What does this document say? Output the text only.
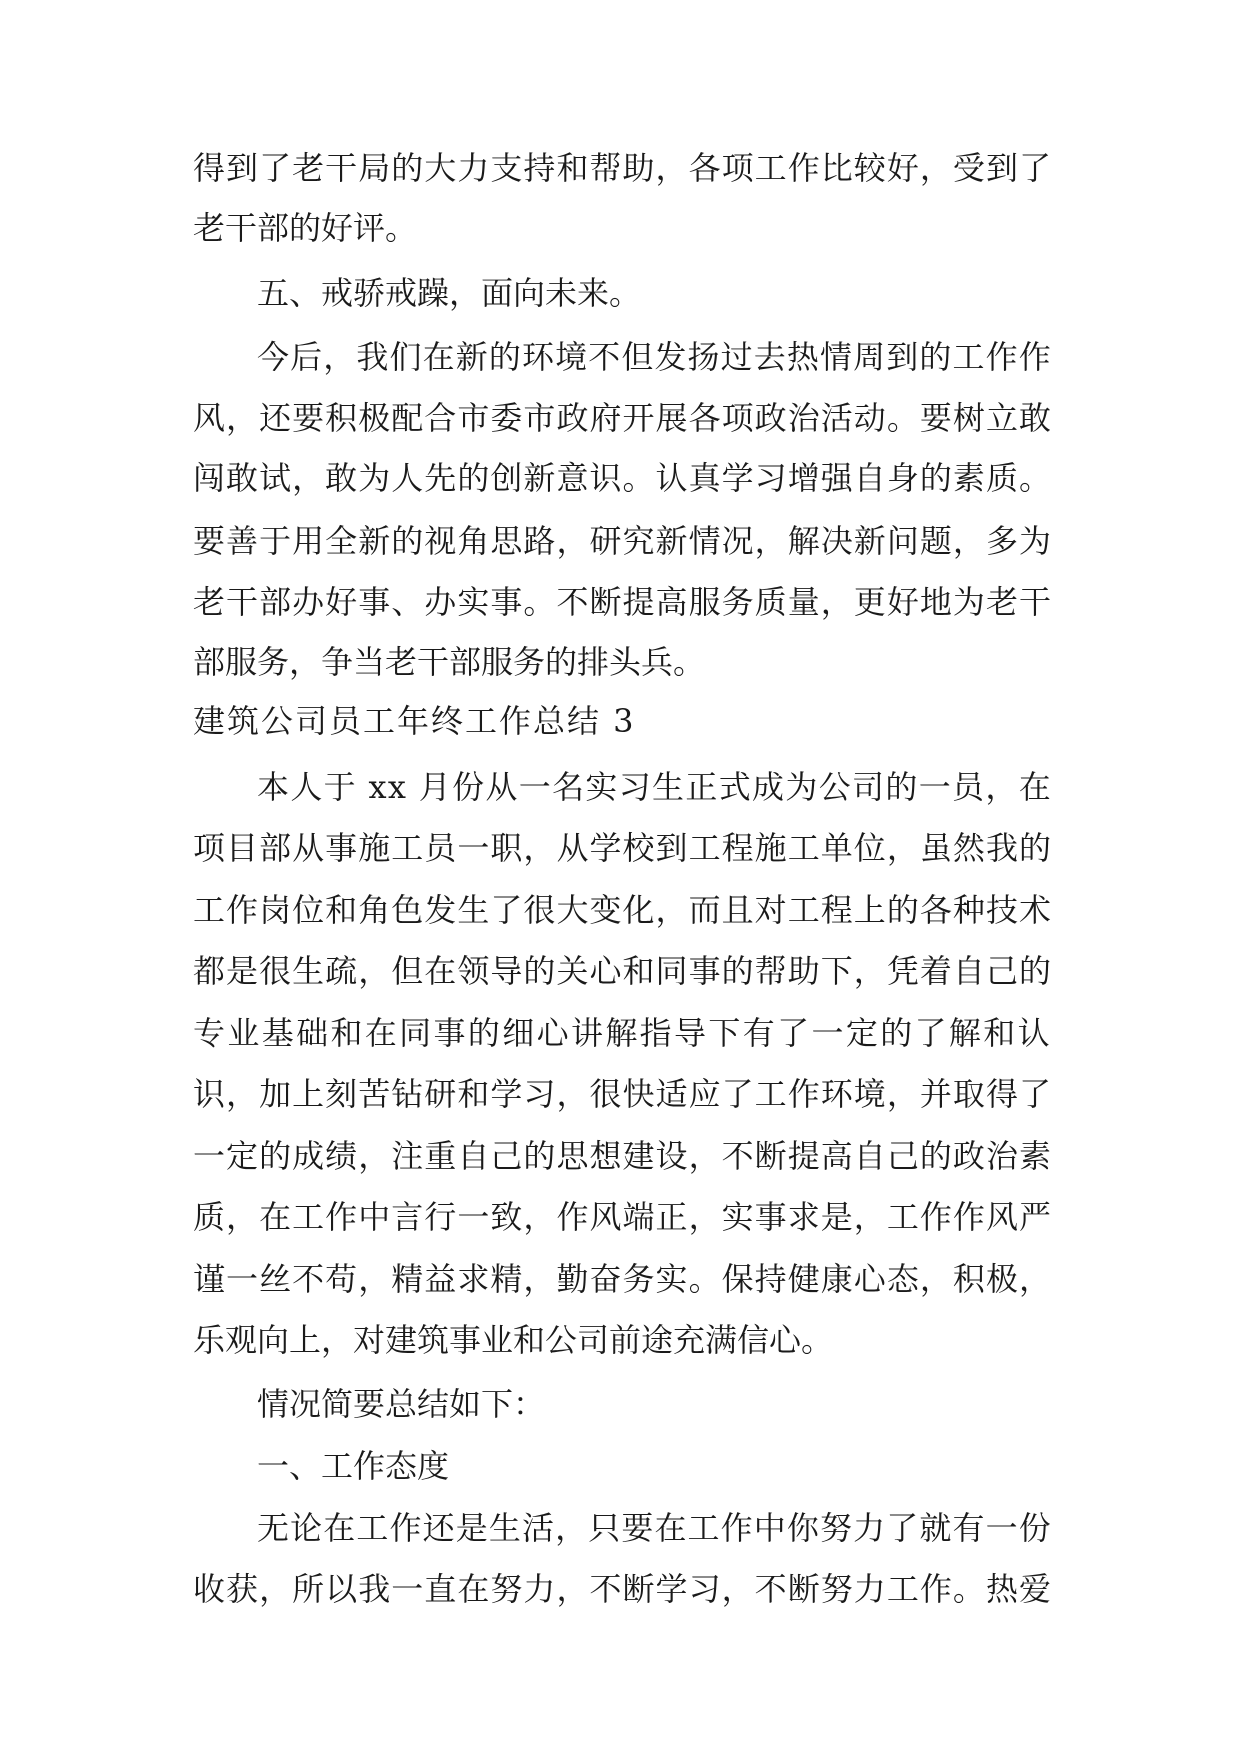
得到了老干局的大力支持和帮助，各项工作比较好，受到了
老干部的好评。
五、戒骄戒躁，面向未来。
今后，我们在新的环境不但发扬过去热情周到的工作作
风，还要积极配合市委市政府开展各项政治活动。要树立敢
闯敢试，敢为人先的创新意识。认真学习增强自身的素质。
要善于用全新的视角思路，研究新情况，解决新问题，多为
老干部办好事、办实事。不断提高服务质量，更好地为老干
部服务，争当老干部服务的排头兵。
建筑公司员工年终工作总结 3
本人于 xx 月份从一名实习生正式成为公司的一员，在
项目部从事施工员一职，从学校到工程施工单位，虽然我的
工作岗位和角色发生了很大变化，而且对工程上的各种技术
都是很生疏，但在领导的关心和同事的帮助下，凭着自己的
专业基础和在同事的细心讲解指导下有了一定的了解和认
识，加上刻苦钻研和学习，很快适应了工作环境，并取得了
一定的成绩，注重自己的思想建设，不断提高自己的政治素
质，在工作中言行一致，作风端正，实事求是，工作作风严
谨一丝不苟，精益求精，勤奋务实。保持健康心态，积极，
乐观向上，对建筑事业和公司前途充满信心。
情况简要总结如下：
一、工作态度
无论在工作还是生活，只要在工作中你努力了就有一份
收获，所以我一直在努力，不断学习，不断努力工作。热爱
